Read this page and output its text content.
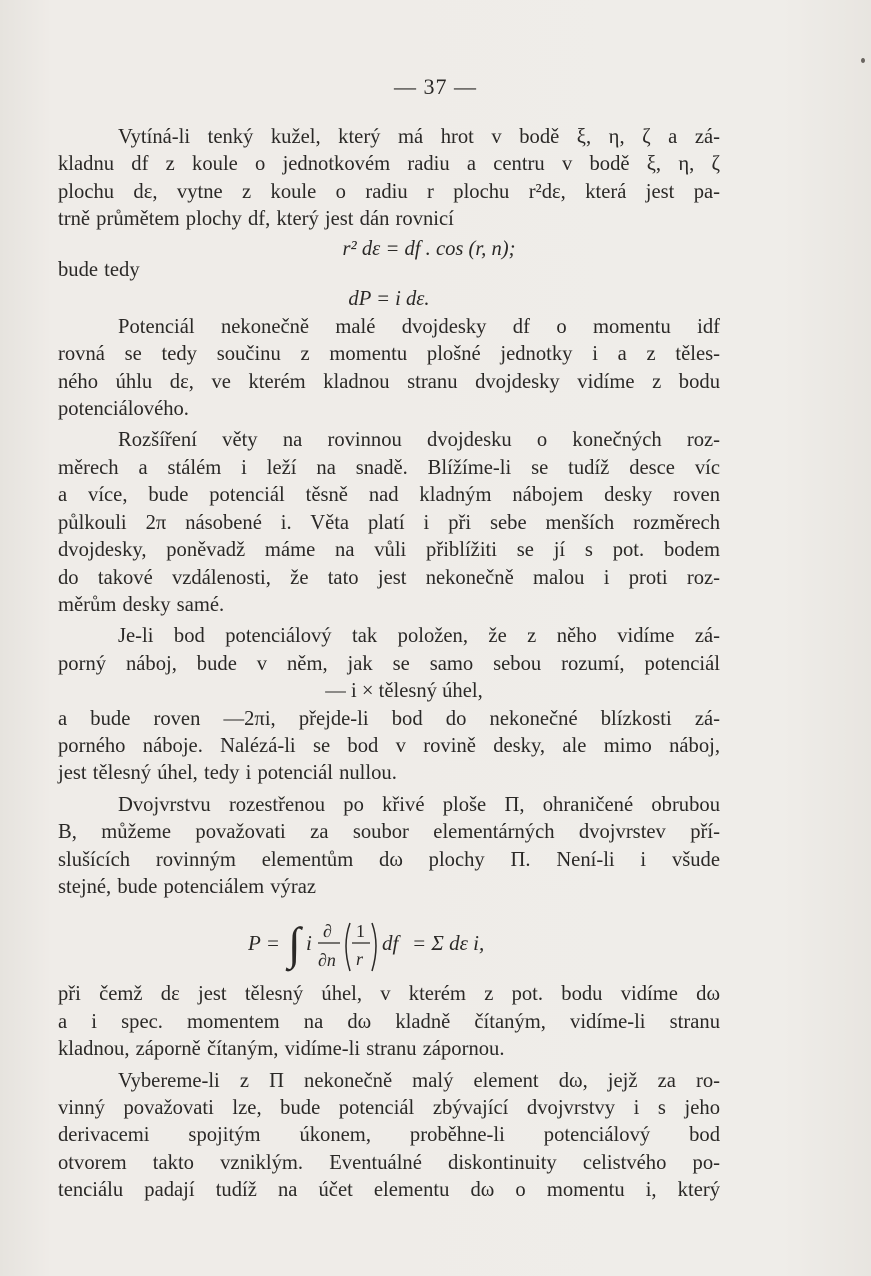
— 37 —
Vytíná-li tenký kužel, který má hrot v bodě ξ, η, ζ a zá-
kladnu df z koule o jednotkovém radiu a centru v bodě ξ, η, ζ
plochu dε, vytne z koule o radiu r plochu r²dε, která jest pa-
trně průmětem plochy df, který jest dán rovnicí
r² dε = df . cos (r, n);
bude tedy
dP = i dε.
Potenciál nekonečně malé dvojdesky df o momentu idf
rovná se tedy součinu z momentu plošné jednotky i a z těles-
ného úhlu dε, ve kterém kladnou stranu dvojdesky vidíme z bodu
potenciálového.
Rozšíření věty na rovinnou dvojdesku o konečných roz-
měrech a stálém i leží na snadě. Blížíme-li se tudíž desce víc
a více, bude potenciál těsně nad kladným nábojem desky roven
půlkouli 2π násobené i. Věta platí i při sebe menších rozměrech
dvojdesky, poněvadž máme na vůli přiblížiti se jí s pot. bodem
do takové vzdálenosti, že tato jest nekonečně malou i proti roz-
měrům desky samé.
Je-li bod potenciálový tak položen, že z něho vidíme zá-
porný náboj, bude v něm, jak se samo sebou rozumí, potenciál
— i × tělesný úhel,
a bude roven —2πi, přejde-li bod do nekonečné blízkosti zá-
porného náboje. Nalézá-li se bod v rovině desky, ale mimo náboj,
jest tělesný úhel, tedy i potenciál nullou.
Dvojvrstvu rozestřenou po křivé ploše Π, ohraničené obrubou
B, můžeme považovati za soubor elementárných dvojvrstev pří-
slušících rovinným elementům dω plochy Π. Není-li i všude
stejné, bude potenciálem výraz
P = ∫ i ∂
∂n
1
r
df = Σ dε i,
při čemž dε jest tělesný úhel, v kterém z pot. bodu vidíme dω
a i spec. momentem na dω kladně čítaným, vidíme-li stranu
kladnou, záporně čítaným, vidíme-li stranu zápornou.
Vybereme-li z Π nekonečně malý element dω, jejž za ro-
vinný považovati lze, bude potenciál zbývající dvojvrstvy i s jeho
derivacemi spojitým úkonem, proběhne-li potenciálový bod
otvorem takto vzniklým. Eventuálné diskontinuity celistvého po-
tenciálu padají tudíž na účet elementu dω o momentu i, který
